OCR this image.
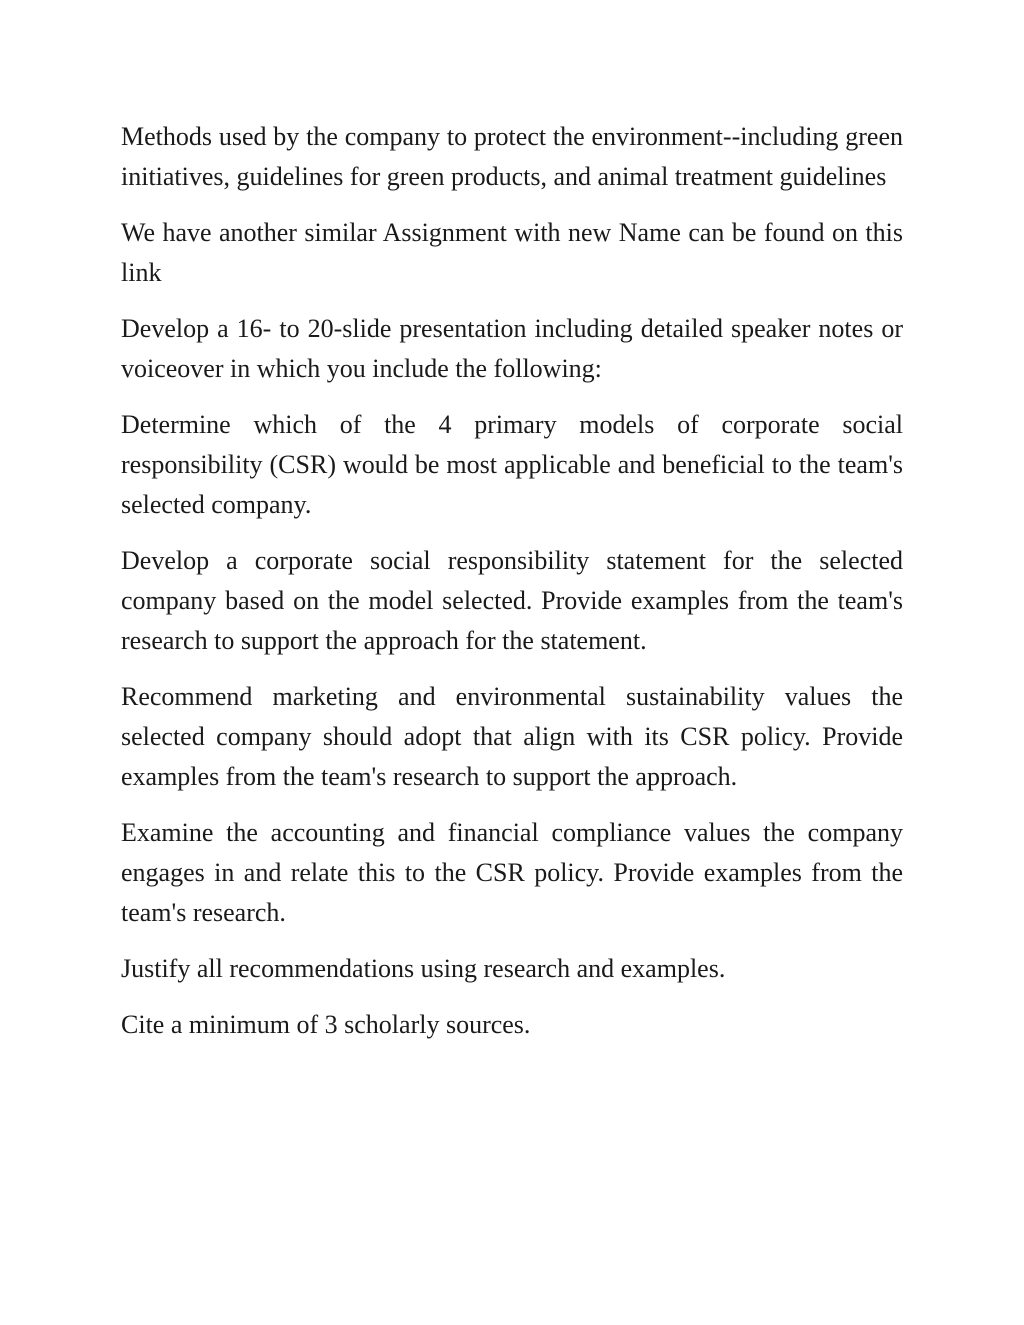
Methods used by the company to protect the environment--including green initiatives, guidelines for green products, and animal treatment guidelines

We have another similar Assignment with new Name can be found on this link

Develop a 16- to 20-slide presentation including detailed speaker notes or voiceover in which you include the following:

Determine which of the 4 primary models of corporate social responsibility (CSR) would be most applicable and beneficial to the team's selected company.

Develop a corporate social responsibility statement for the selected company based on the model selected. Provide examples from the team's research to support the approach for the statement.

Recommend marketing and environmental sustainability values the selected company should adopt that align with its CSR policy. Provide examples from the team's research to support the approach.

Examine the accounting and financial compliance values the company engages in and relate this to the CSR policy. Provide examples from the team's research.

Justify all recommendations using research and examples.

Cite a minimum of 3 scholarly sources.
